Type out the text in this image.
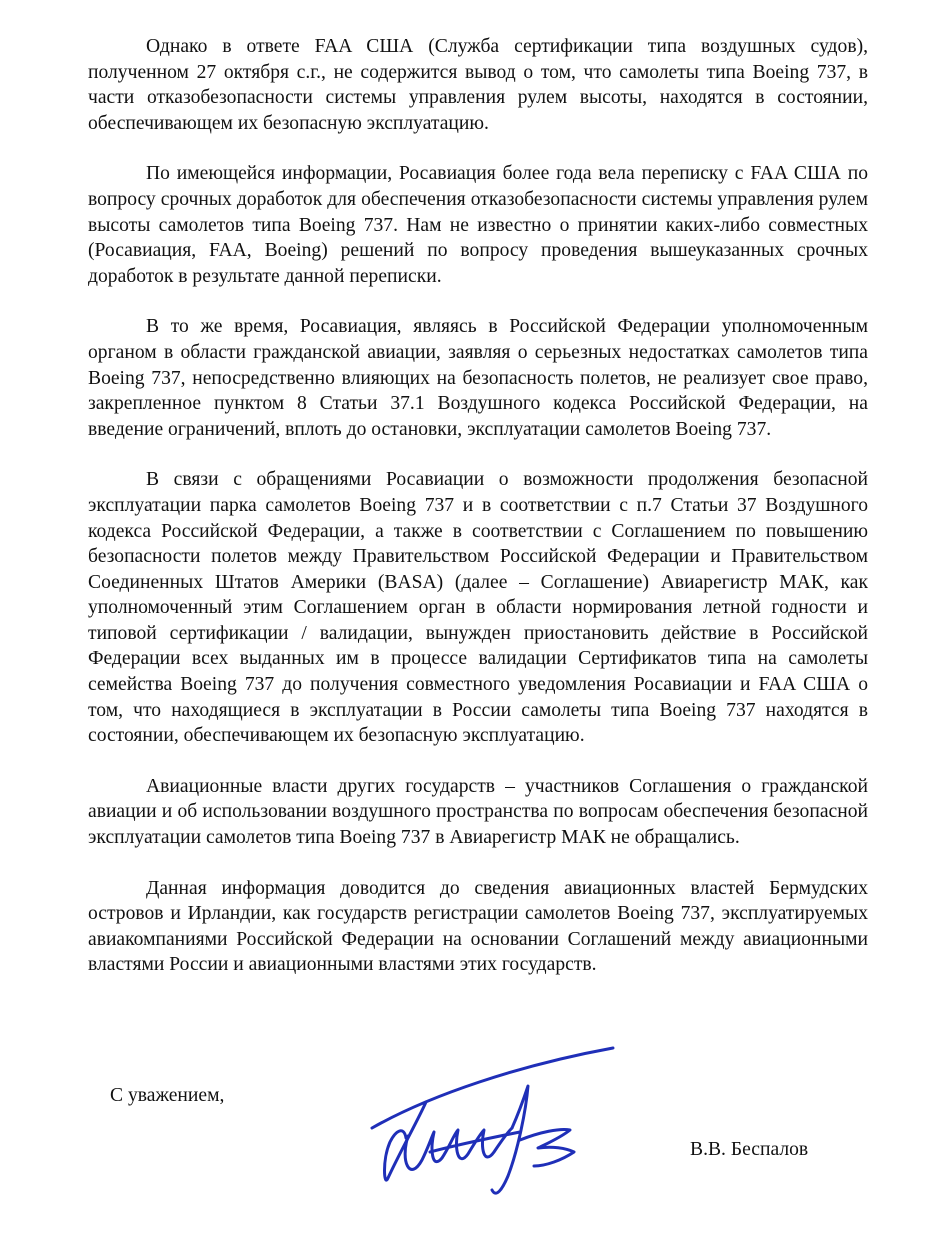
Однако в ответе FAA США (Служба сертификации типа воздушных судов), полученном 27 октября с.г., не содержится вывод о том, что самолеты типа Boeing 737, в части отказобезопасности системы управления рулем высоты, находятся в состоянии, обеспечивающем их безопасную эксплуатацию.

По имеющейся информации, Росавиация более года вела переписку с FAA США по вопросу срочных доработок для обеспечения отказобезопасности системы управления рулем высоты самолетов типа Boeing 737. Нам не известно о принятии каких-либо совместных (Росавиация, FAA, Boeing) решений по вопросу проведения вышеуказанных срочных доработок в результате данной переписки.

В то же время, Росавиация, являясь в Российской Федерации уполномоченным органом в области гражданской авиации, заявляя о серьезных недостатках самолетов типа Boeing 737, непосредственно влияющих на безопасность полетов, не реализует свое право, закрепленное пунктом 8 Статьи 37.1 Воздушного кодекса Российской Федерации, на введение ограничений, вплоть до остановки, эксплуатации самолетов Boeing 737.

В связи с обращениями Росавиации о возможности продолжения безопасной эксплуатации парка самолетов Boeing 737 и в соответствии с п.7 Статьи 37 Воздушного кодекса Российской Федерации, а также в соответствии с Соглашением по повышению безопасности полетов между Правительством Российской Федерации и Правительством Соединенных Штатов Америки (BASA) (далее – Соглашение) Авиарегистр МАК, как уполномоченный этим Соглашением орган в области нормирования летной годности и типовой сертификации / валидации, вынужден приостановить действие в Российской Федерации всех выданных им в процессе валидации Сертификатов типа на самолеты семейства Boeing 737 до получения совместного уведомления Росавиации и FAA США о том, что находящиеся в эксплуатации в России самолеты типа Boeing 737 находятся в состоянии, обеспечивающем их безопасную эксплуатацию.

Авиационные власти других государств – участников Соглашения о гражданской авиации и об использовании воздушного пространства по вопросам обеспечения безопасной эксплуатации самолетов типа Boeing 737 в Авиарегистр МАК не обращались.

Данная информация доводится до сведения авиационных властей Бермудских островов и Ирландии, как государств регистрации самолетов Boeing 737, эксплуатируемых авиакомпаниями Российской Федерации на основании Соглашений между авиационными властями России и авиационными властями этих государств.

С уважением,

В.В. Беспалов
